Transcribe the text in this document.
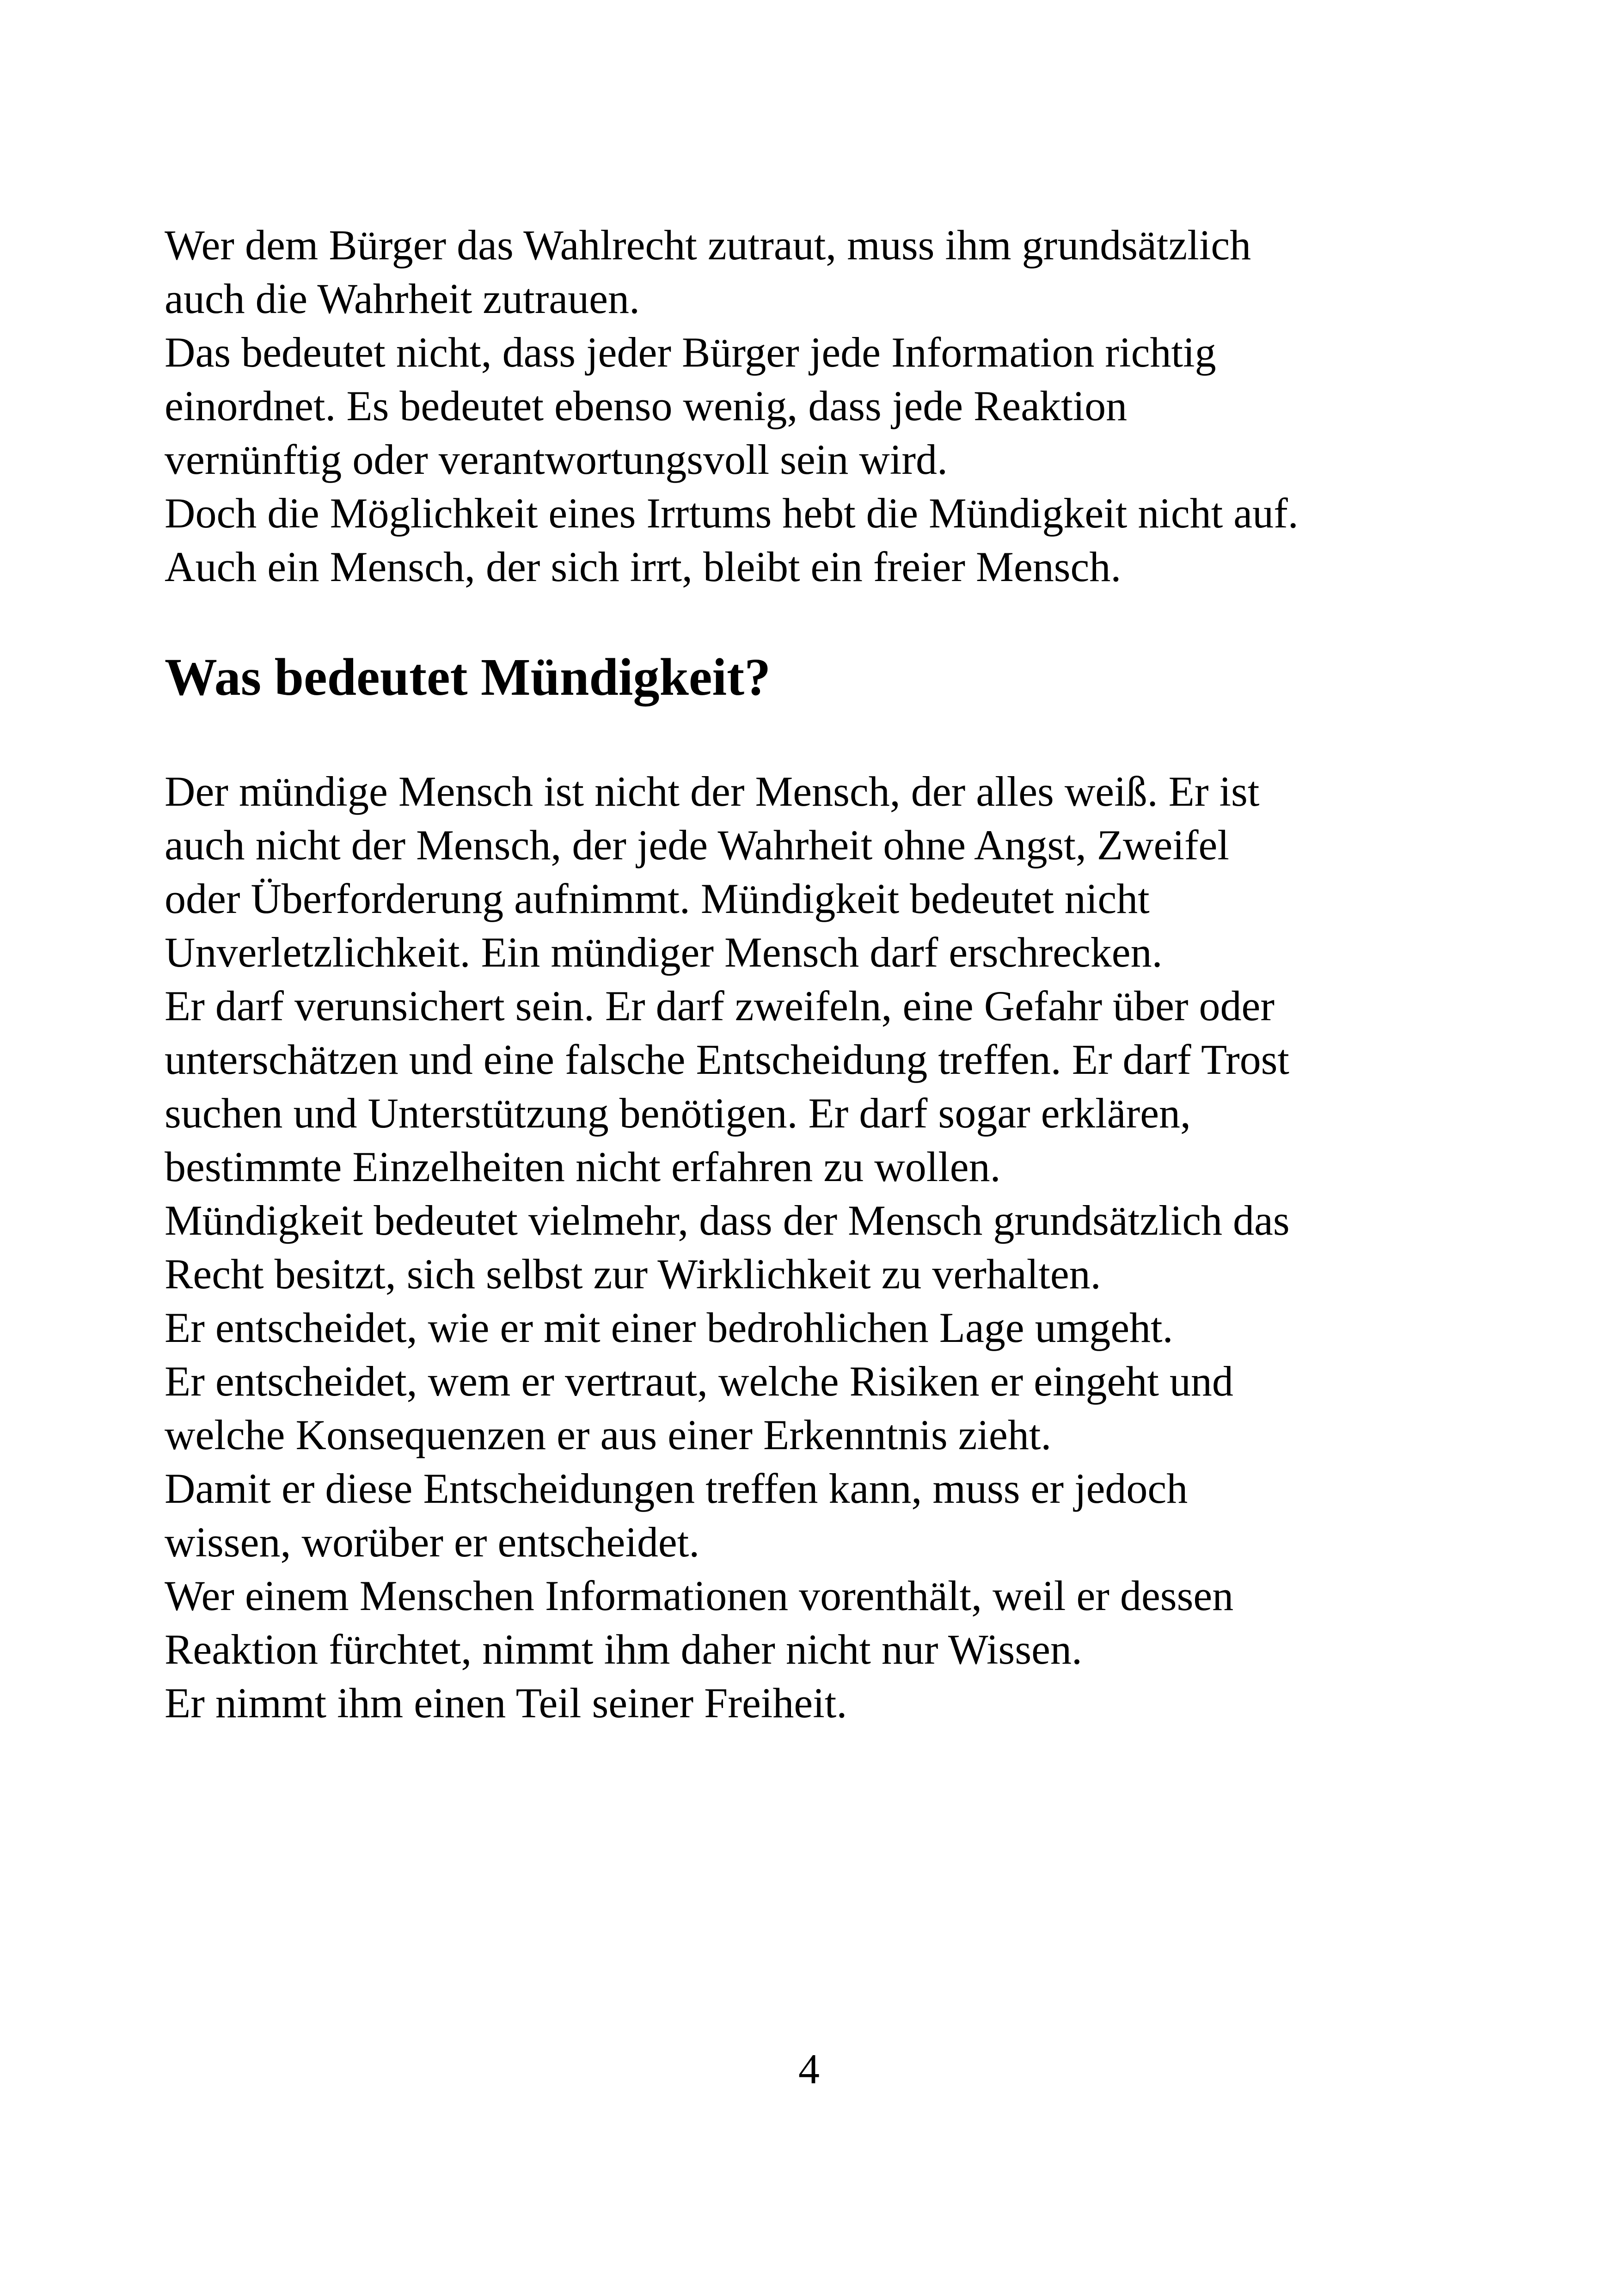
Wer dem Bürger das Wahlrecht zutraut, muss ihm grundsätzlich
auch die Wahrheit zutrauen.
Das bedeutet nicht, dass jeder Bürger jede Information richtig
einordnet. Es bedeutet ebenso wenig, dass jede Reaktion
vernünftig oder verantwortungsvoll sein wird.
Doch die Möglichkeit eines Irrtums hebt die Mündigkeit nicht auf.
Auch ein Mensch, der sich irrt, bleibt ein freier Mensch.
Was bedeutet Mündigkeit?
Der mündige Mensch ist nicht der Mensch, der alles weiß. Er ist
auch nicht der Mensch, der jede Wahrheit ohne Angst, Zweifel
oder Überforderung aufnimmt. Mündigkeit bedeutet nicht
Unverletzlichkeit. Ein mündiger Mensch darf erschrecken.
Er darf verunsichert sein. Er darf zweifeln, eine Gefahr über oder
unterschätzen und eine falsche Entscheidung treffen. Er darf Trost
suchen und Unterstützung benötigen. Er darf sogar erklären,
bestimmte Einzelheiten nicht erfahren zu wollen.
Mündigkeit bedeutet vielmehr, dass der Mensch grundsätzlich das
Recht besitzt, sich selbst zur Wirklichkeit zu verhalten.
Er entscheidet, wie er mit einer bedrohlichen Lage umgeht.
Er entscheidet, wem er vertraut, welche Risiken er eingeht und
welche Konsequenzen er aus einer Erkenntnis zieht.
Damit er diese Entscheidungen treffen kann, muss er jedoch
wissen, worüber er entscheidet.
Wer einem Menschen Informationen vorenthält, weil er dessen
Reaktion fürchtet, nimmt ihm daher nicht nur Wissen.
Er nimmt ihm einen Teil seiner Freiheit.
4
